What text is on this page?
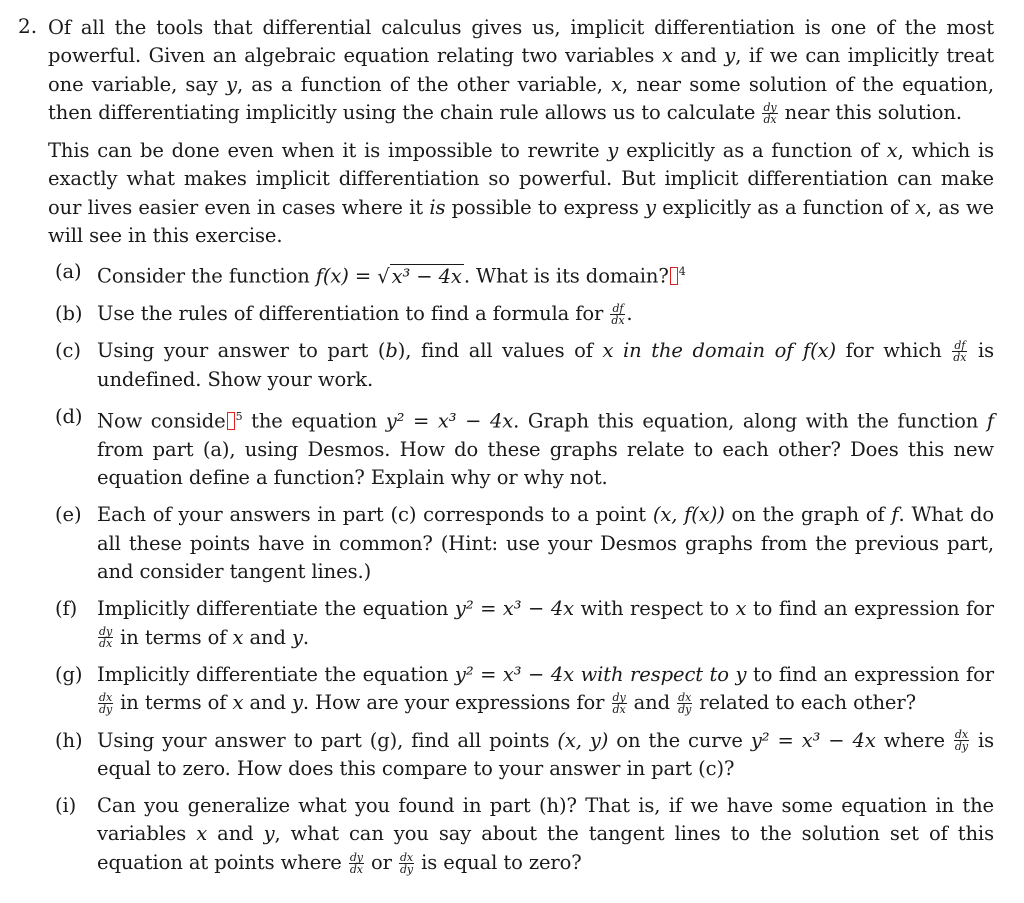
2. Of all the tools that differential calculus gives us, implicit differentiation is one of the most powerful. Given an algebraic equation relating two variables x and y, if we can implicitly treat one variable, say y, as a function of the other variable, x, near some solution of the equation, then differentiating implicitly using the chain rule allows us to calculate $\frac{dy}{dx}$ near this solution.

This can be done even when it is impossible to rewrite y explicitly as a function of x, which is exactly what makes implicit differentiation so powerful. But implicit differentiation can make our lives easier even in cases where it is possible to express y explicitly as a function of x, as we will see in this exercise.

(a) Consider the function f(x) = √ x³ − 4x . What is its domain? $^4$
(b) Use the rules of differentiation to find a formula for $\frac{df}{dx}$ .
(c) Using your answer to part (b), find all values of x in the domain of f(x) for which $\frac{df}{dx}$ is undefined. Show your work.
(d) Now conside $^5$ the equation y² = x³ − 4x. Graph this equation, along with the function f from part (a), using Desmos. How do these graphs relate to each other? Does this new equation define a function? Explain why or why not.
(e) Each of your answers in part (c) corresponds to a point (x, f(x)) on the graph of f. What do all these points have in common? (Hint: use your Desmos graphs from the previous part, and consider tangent lines.)
(f) Implicitly differentiate the equation y² = x³ − 4x with respect to x to find an expression for
$\frac{dy}{dx}$ in terms of x and y.
(g) Implicitly differentiate the equation y² = x³ − 4x with respect to y to find an expression for
$\frac{dx}{dy}$ in terms of x and y. How are your expressions for $\frac{dy}{dx}$ and $\frac{dx}{dy}$ related to each other?
(h) Using your answer to part (g), find all points (x, y) on the curve y² = x³ − 4x where $\frac{dx}{dy}$ is equal to zero. How does this compare to your answer in part (c)?
(i) Can you generalize what you found in part (h)? That is, if we have some equation in the variables x and y, what can you say about the tangent lines to the solution set of this equation at points where $\frac{dy}{dx}$ or $\frac{dx}{dy}$ is equal to zero?
